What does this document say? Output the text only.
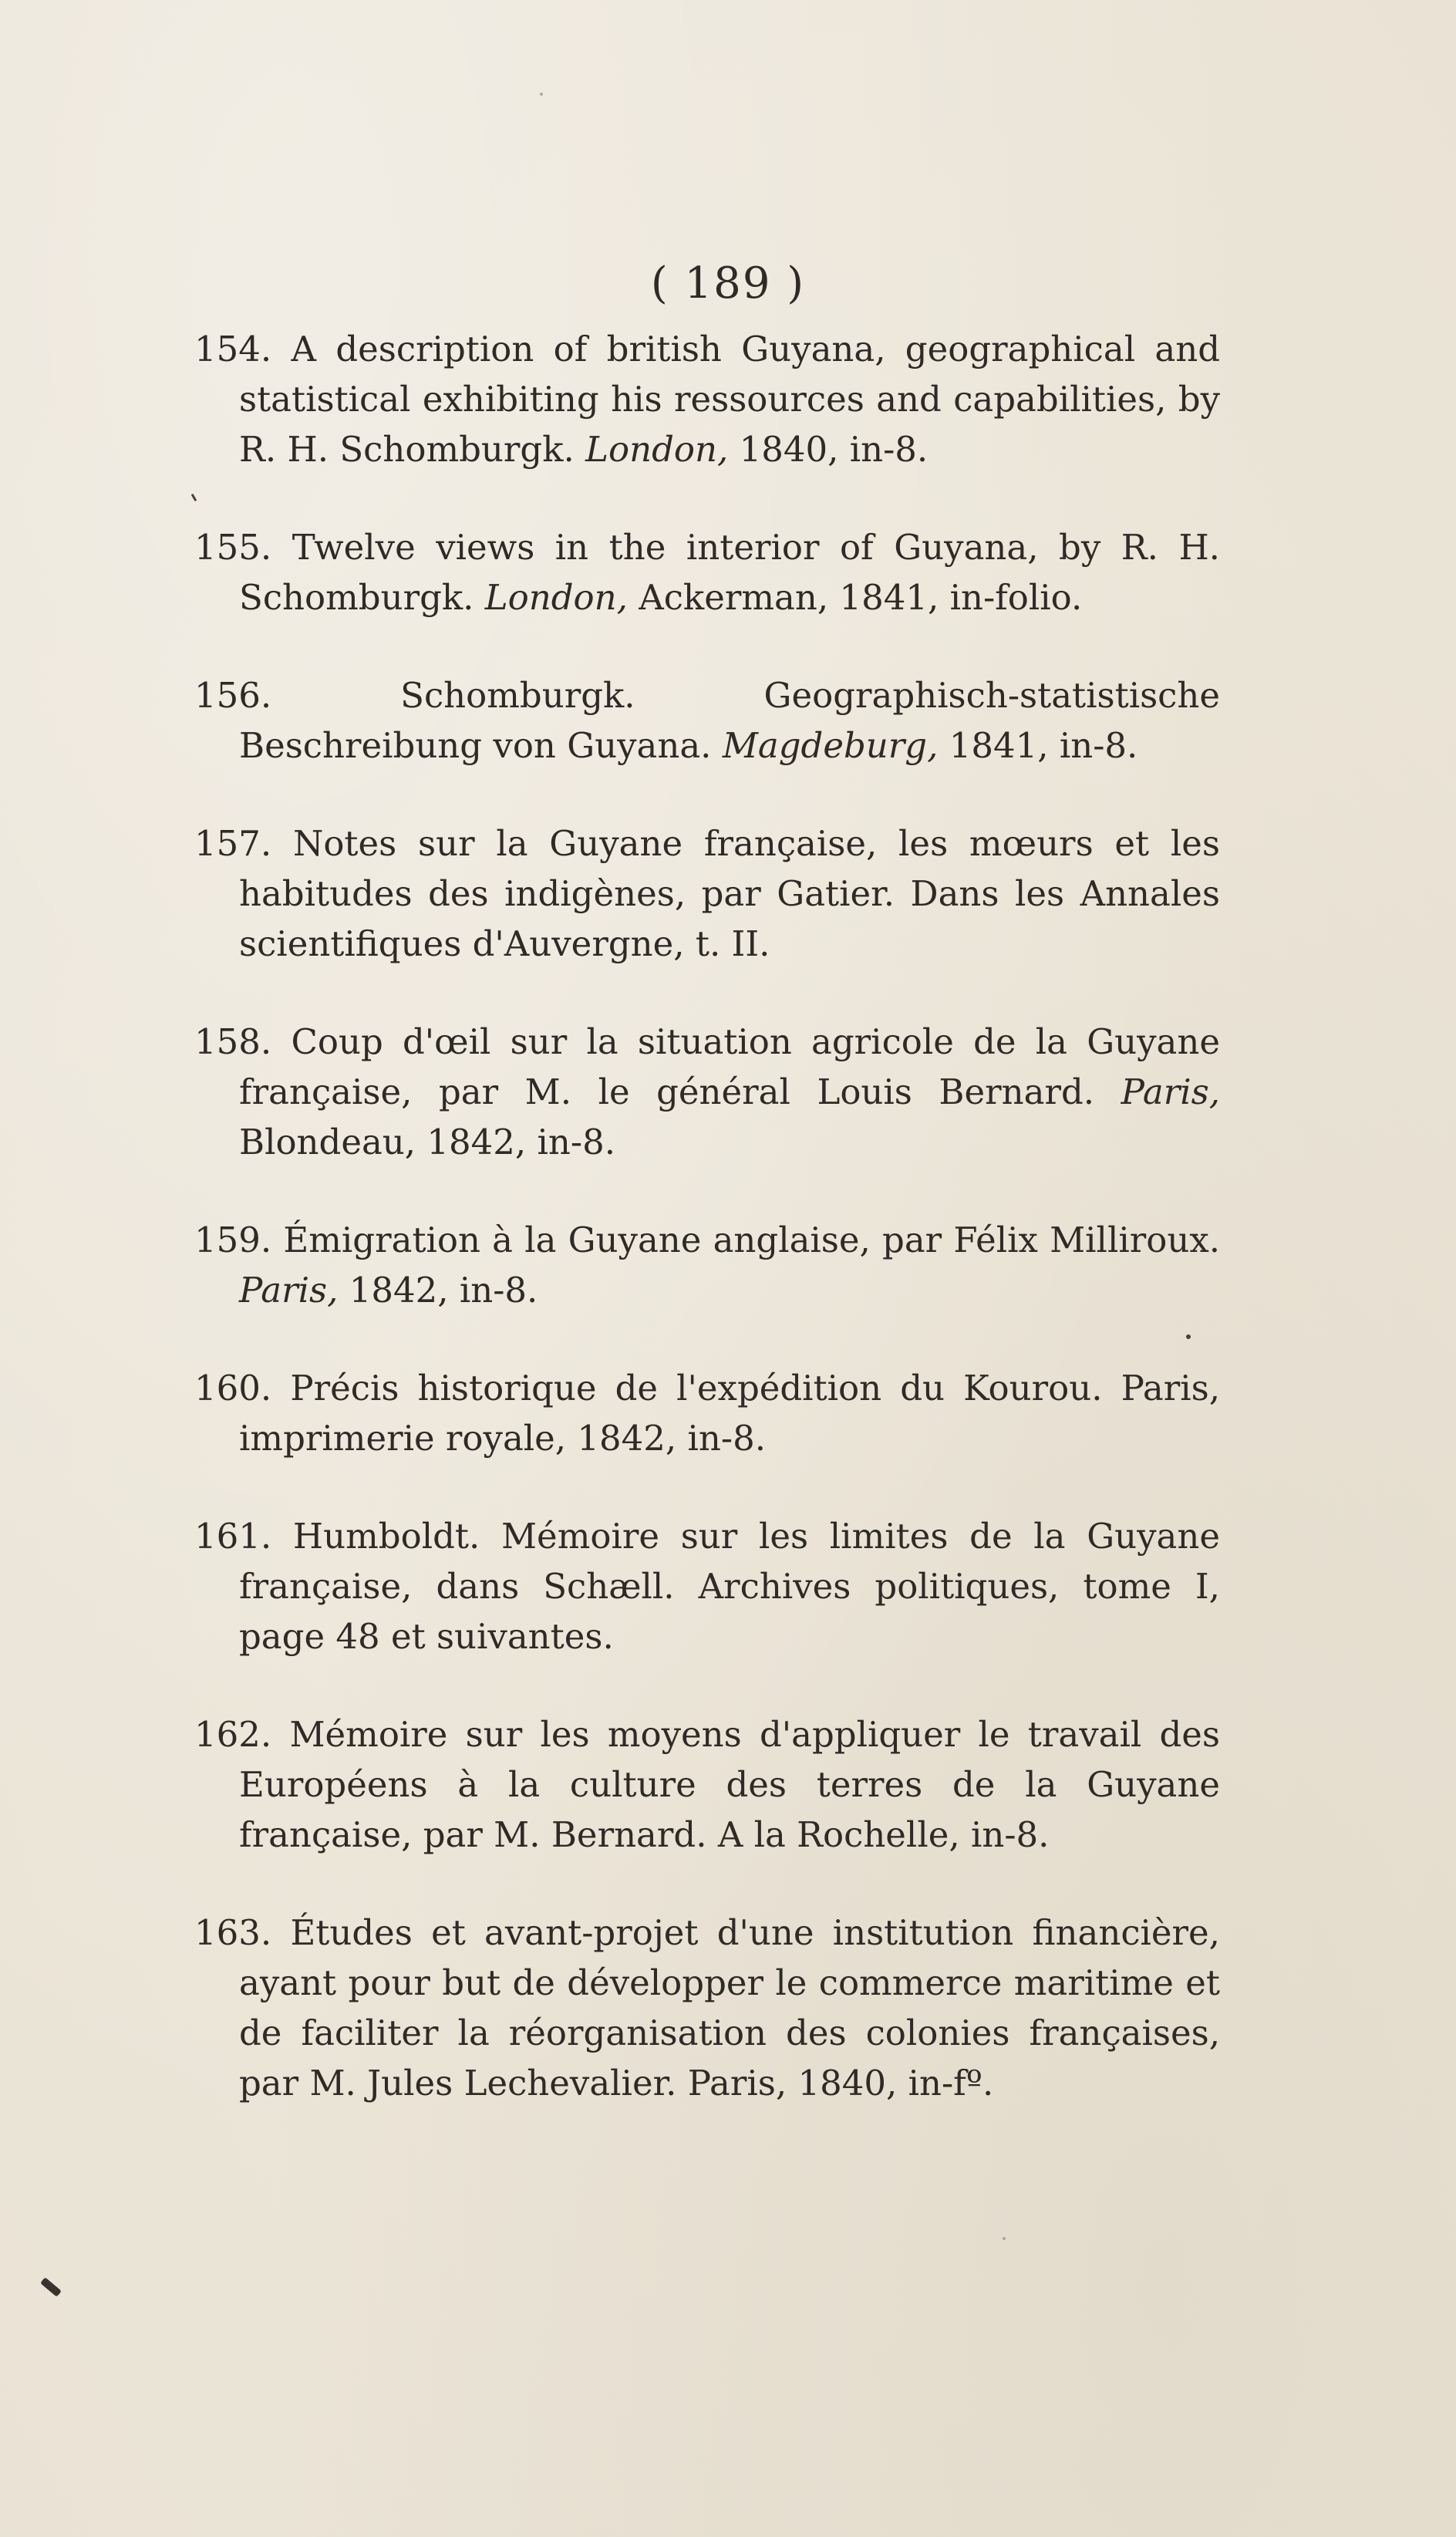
( 189 )

154. A description of british Guyana, geographical and statistical exhibiting his ressources and capabilities, by R. H. Schomburgk. London, 1840, in-8.

155. Twelve views in the interior of Guyana, by R. H. Schomburgk. London, Ackerman, 1841, in-folio.

156.	Schomburgk. Geographisch-statistische Beschreibung von Guyana. Magdeburg, 1841, in-8.

157. Notes sur la Guyane française, les mœurs et les habitudes des indigènes, par Gatier. Dans les Annales scientifiques d'Auvergne, t. II.

158. Coup d'œil sur la situation agricole de la Guyane française, par M. le général Louis Bernard. Paris, Blondeau, 1842, in-8.

159. Émigration à la Guyane anglaise, par Félix Milliroux. Paris, 1842, in-8.

160. Précis historique de l'expédition du Kourou. Paris, imprimerie royale, 1842, in-8.

161. Humboldt. Mémoire sur les limites de la Guyane française, dans Schæll. Archives politiques, tome I, page 48 et suivantes.

162. Mémoire sur les moyens d'appliquer le travail des Européens à la culture des terres de la Guyane française, par M. Bernard. A la Rochelle, in-8.

163. Études et avant-projet d'une institution financière, ayant pour but de développer le commerce maritime et de faciliter la réorganisation des colonies françaises, par M. Jules Lechevalier. Paris, 1840, in-fº.
